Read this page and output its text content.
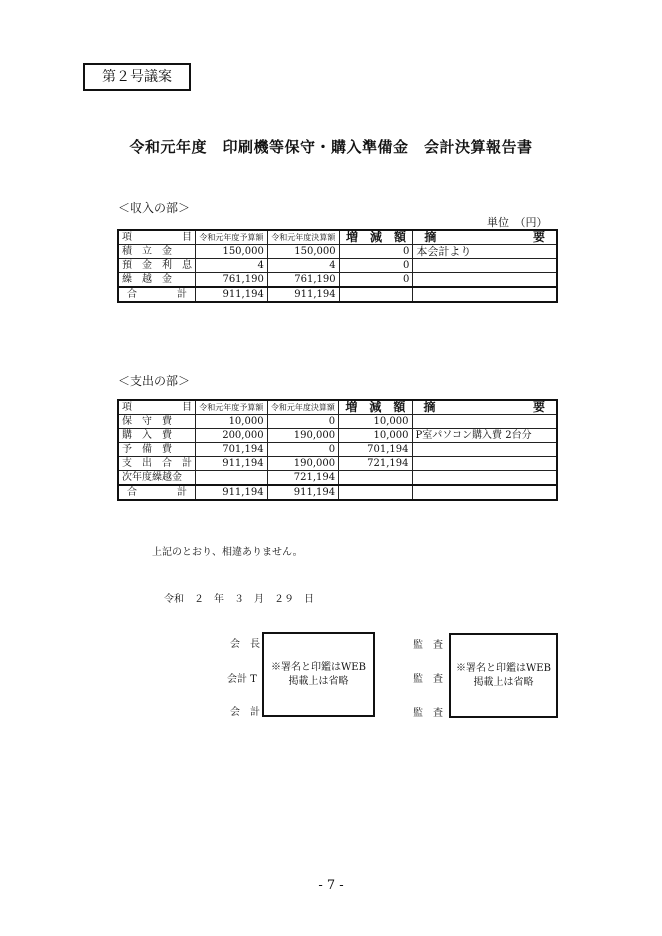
第２号議案
令和元年度　印刷機等保守・購入準備金　会計決算報告書
＜収入の部＞
単位　（円）
項 目	令和元年度予算額	令和元年度決算額	増　減　額	摘 要

積　立　金	150,000	150,000	0	本会計より
預　金　利　息	4	4	0	
繰　越　金	761,190	761,190	0	
合　　　　計	911,194	911,194		
＜支出の部＞
項 目	令和元年度予算額	令和元年度決算額	増　減　額	摘 要

保　守　費	10,000	0	10,000	
購　入　費	200,000	190,000	10,000	P室パソコン購入費 2台分
予　備　費	701,194	0	701,194	
支　出　合　計	911,194	190,000	721,194	
次年度繰越金		721,194		
合　　　　計	911,194	911,194		
上記のとおり、相違ありません。
令和　２　年　３　月　２９　日
会　長
会計 T
会　計
※署名と印鑑はWEB
掲載上は省略
監　査
監　査
監　査
※署名と印鑑はWEB
掲載上は省略
- 7 -
